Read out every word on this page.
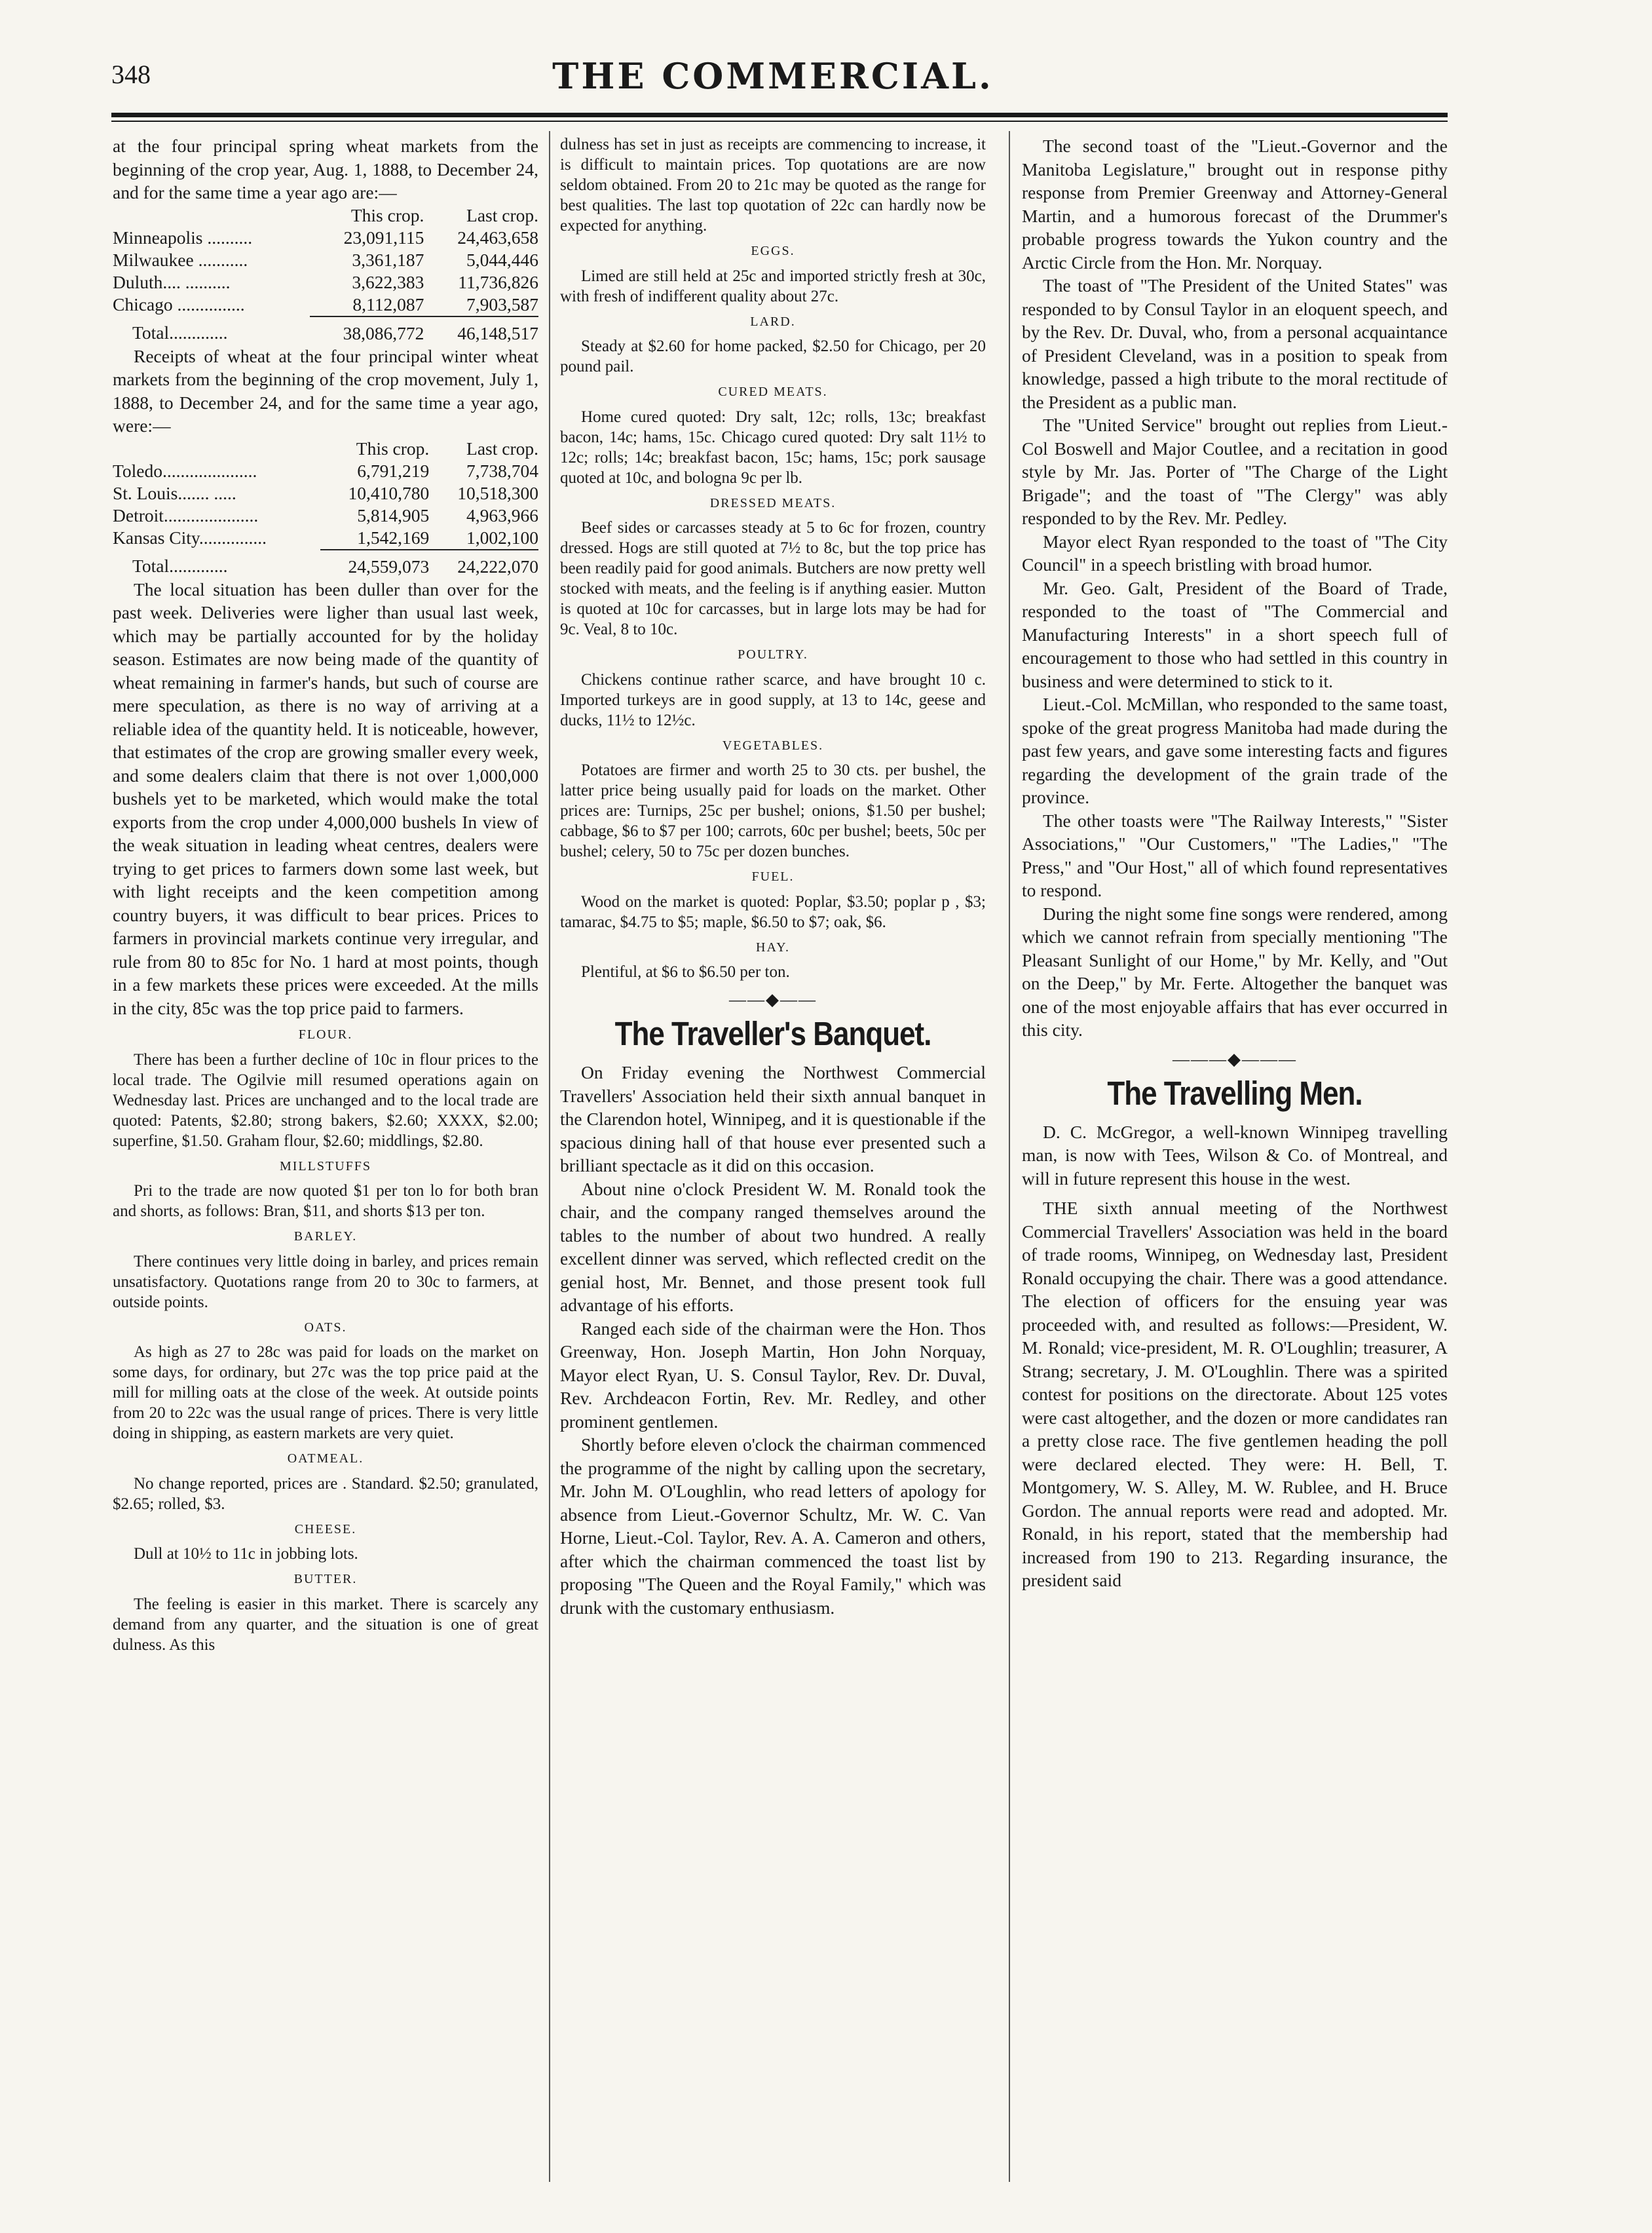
348	THE COMMERCIAL.

at the four principal spring wheat markets from the beginning of the crop year, Aug. 1, 1888, to December 24, and for the same time a year ago are:—

	This crop.	Last crop.
Minneapolis ..........	23,091,115	24,463,658
Milwaukee ...........	3,361,187	5,044,446
Duluth.... ..........	3,622,383	11,736,826
Chicago ...............	8,112,087	7,903,587
Total.............	38,086,772	46,148,517

Receipts of wheat at the four principal winter wheat markets from the beginning of the crop movement, July 1, 1888, to December 24, and for the same time a year ago, were:—

	This crop.	Last crop.
Toledo.....................	6,791,219	7,738,704
St. Louis....... .....	10,410,780	10,518,300
Detroit.....................	5,814,905	4,963,966
Kansas City...............	1,542,169	1,002,100
Total.............	24,559,073	24,222,070

The local situation has been duller than over for the past week. Deliveries were ligher than usual last week, which may be partially accounted for by the holiday season. Estimates are now being made of the quantity of wheat remaining in farmer's hands, but such of course are mere speculation, as there is no way of arriving at a reliable idea of the quantity held. It is noticeable, however, that estimates of the crop are growing smaller every week, and some dealers claim that there is not over 1,000,000 bushels yet to be marketed, which would make the total exports from the crop under 4,000,000 bushels In view of the weak situation in leading wheat centres, dealers were trying to get prices to farmers down some last week, but with light receipts and the keen competition among country buyers, it was difficult to bear prices. Prices to farmers in provincial markets continue very irregular, and rule from 80 to 85c for No. 1 hard at most points, though in a few markets these prices were exceeded. At the mills in the city, 85c was the top price paid to farmers.

FLOUR.

There has been a further decline of 10c in flour prices to the local trade. The Ogilvie mill resumed operations again on Wednesday last. Prices are unchanged and to the local trade are quoted: Patents, $2.80; strong bakers, $2.60; XXXX, $2.00; superfine, $1.50. Graham flour, $2.60; middlings, $2.80.

MILLSTUFFS

Pri to the trade are now quoted $1 per ton lo for both bran and shorts, as follows: Bran, $11, and shorts $13 per ton.

BARLEY.

There continues very little doing in barley, and prices remain unsatisfactory. Quotations range from 20 to 30c to farmers, at outside points.

OATS.

As high as 27 to 28c was paid for loads on the market on some days, for ordinary, but 27c was the top price paid at the mill for milling oats at the close of the week. At outside points from 20 to 22c was the usual range of prices. There is very little doing in shipping, as eastern markets are very quiet.

OATMEAL.

No change reported, prices are . Standard. $2.50; granulated, $2.65; rolled, $3.

CHEESE.

Dull at 10½ to 11c in jobbing lots.

BUTTER.

The feeling is easier in this market. There is scarcely any demand from any quarter, and the situation is one of great dulness. As this

dulness has set in just as receipts are commencing to increase, it is difficult to maintain prices. Top quotations are are now seldom obtained. From 20 to 21c may be quoted as the range for best qualities. The last top quotation of 22c can hardly now be expected for anything.

EGGS.

Limed are still held at 25c and imported strictly fresh at 30c, with fresh of indifferent quality about 27c.

LARD.

Steady at $2.60 for home packed, $2.50 for Chicago, per 20 pound pail.

CURED MEATS.

Home cured quoted: Dry salt, 12c; rolls, 13c; breakfast bacon, 14c; hams, 15c. Chicago cured quoted: Dry salt 11½ to 12c; rolls; 14c; breakfast bacon, 15c; hams, 15c; pork sausage quoted at 10c, and bologna 9c per lb.

DRESSED MEATS.

Beef sides or carcasses steady at 5 to 6c for frozen, country dressed. Hogs are still quoted at 7½ to 8c, but the top price has been readily paid for good animals. Butchers are now pretty well stocked with meats, and the feeling is if anything easier. Mutton is quoted at 10c for carcasses, but in large lots may be had for 9c. Veal, 8 to 10c.

POULTRY.

Chickens continue rather scarce, and have brought 10 c. Imported turkeys are in good supply, at 13 to 14c, geese and ducks, 11½ to 12½c.

VEGETABLES.

Potatoes are firmer and worth 25 to 30 cts. per bushel, the latter price being usually paid for loads on the market. Other prices are: Turnips, 25c per bushel; onions, $1.50 per bushel; cabbage, $6 to $7 per 100; carrots, 60c per bushel; beets, 50c per bushel; celery, 50 to 75c per dozen bunches.

FUEL.

Wood on the market is quoted: Poplar, $3.50; poplar p , $3; tamarac, $4.75 to $5; maple, $6.50 to $7; oak, $6.

HAY.

Plentiful, at $6 to $6.50 per ton.

——◆——
The Traveller's Banquet.

On Friday evening the Northwest Commercial Travellers' Association held their sixth annual banquet in the Clarendon hotel, Winnipeg, and it is questionable if the spacious dining hall of that house ever presented such a brilliant spectacle as it did on this occasion.

About nine o'clock President W. M. Ronald took the chair, and the company ranged themselves around the tables to the number of about two hundred. A really excellent dinner was served, which reflected credit on the genial host, Mr. Bennet, and those present took full advantage of his efforts.

Ranged each side of the chairman were the Hon. Thos Greenway, Hon. Joseph Martin, Hon John Norquay, Mayor elect Ryan, U. S. Consul Taylor, Rev. Dr. Duval, Rev. Archdeacon Fortin, Rev. Mr. Redley, and other prominent gentlemen.

Shortly before eleven o'clock the chairman commenced the programme of the night by calling upon the secretary, Mr. John M. O'Loughlin, who read letters of apology for absence from Lieut.-Governor Schultz, Mr. W. C. Van Horne, Lieut.-Col. Taylor, Rev. A. A. Cameron and others, after which the chairman commenced the toast list by proposing "The Queen and the Royal Family," which was drunk with the customary enthusiasm.

The second toast of the "Lieut.-Governor and the Manitoba Legislature," brought out in response pithy response from Premier Greenway and Attorney-General Martin, and a humorous forecast of the Drummer's probable progress towards the Yukon country and the Arctic Circle from the Hon. Mr. Norquay.

The toast of "The President of the United States" was responded to by Consul Taylor in an eloquent speech, and by the Rev. Dr. Duval, who, from a personal acquaintance of President Cleveland, was in a position to speak from knowledge, passed a high tribute to the moral rectitude of the President as a public man.

The "United Service" brought out replies from Lieut.-Col Boswell and Major Coutlee, and a recitation in good style by Mr. Jas. Porter of "The Charge of the Light Brigade"; and the toast of "The Clergy" was ably responded to by the Rev. Mr. Pedley.

Mayor elect Ryan responded to the toast of "The City Council" in a speech bristling with broad humor.

Mr. Geo. Galt, President of the Board of Trade, responded to the toast of "The Commercial and Manufacturing Interests" in a short speech full of encouragement to those who had settled in this country in business and were determined to stick to it.

Lieut.-Col. McMillan, who responded to the same toast, spoke of the great progress Manitoba had made during the past few years, and gave some interesting facts and figures regarding the development of the grain trade of the province.

The other toasts were "The Railway Interests," "Sister Associations," "Our Customers," "The Ladies," "The Press," and "Our Host," all of which found representatives to respond.

During the night some fine songs were rendered, among which we cannot refrain from specially mentioning "The Pleasant Sunlight of our Home," by Mr. Kelly, and "Out on the Deep," by Mr. Ferte. Altogether the banquet was one of the most enjoyable affairs that has ever occurred in this city.

———◆———
The Travelling Men.

D. C. McGregor, a well-known Winnipeg travelling man, is now with Tees, Wilson & Co. of Montreal, and will in future represent this house in the west.

THE sixth annual meeting of the Northwest Commercial Travellers' Association was held in the board of trade rooms, Winnipeg, on Wednesday last, President Ronald occupying the chair. There was a good attendance. The election of officers for the ensuing year was proceeded with, and resulted as follows:—President, W. M. Ronald; vice-president, M. R. O'Loughlin; treasurer, A Strang; secretary, J. M. O'Loughlin. There was a spirited contest for positions on the directorate. About 125 votes were cast altogether, and the dozen or more candidates ran a pretty close race. The five gentlemen heading the poll were declared elected. They were: H. Bell, T. Montgomery, W. S. Alley, M. W. Rublee, and H. Bruce Gordon. The annual reports were read and adopted. Mr. Ronald, in his report, stated that the membership had increased from 190 to 213. Regarding insurance, the president said
